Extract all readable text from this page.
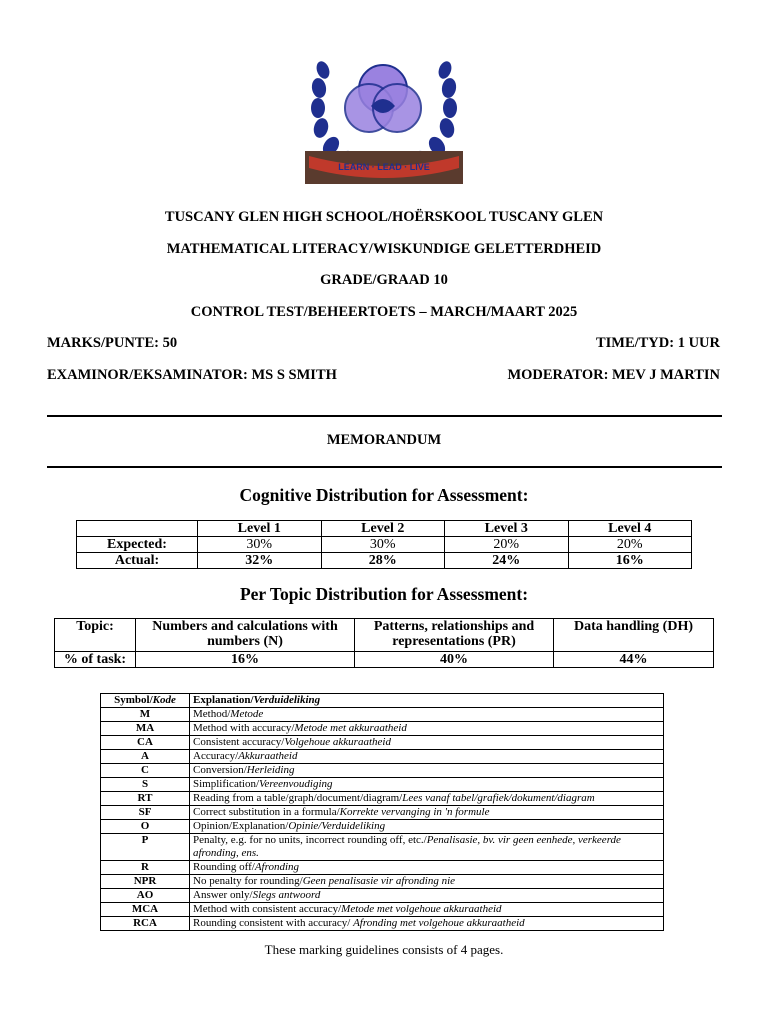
LEARN · LEAD · LIVE
TUSCANY GLEN HIGH SCHOOL/HOËRSKOOL TUSCANY GLEN
MATHEMATICAL LITERACY/WISKUNDIGE GELETTERDHEID
GRADE/GRAAD 10
CONTROL TEST/BEHEERTOETS – MARCH/MAART 2025
MARKS/PUNTE: 50	TIME/TYD: 1 UUR
EXAMINOR/EKSAMINATOR: MS S SMITH	MODERATOR: MEV J MARTIN
MEMORANDUM
Cognitive Distribution for Assessment:
	Level 1	Level 2	Level 3	Level 4
Expected:	30%	30%	20%	20%
Actual:	32%	28%	24%	16%
Per Topic Distribution for Assessment:
Topic:	Numbers and calculations with numbers (N)	Patterns, relationships and representations (PR)	Data handling (DH)
% of task:	16%	40%	44%
Symbol/Kode	Explanation/Verduideliking
M	Method/Metode
MA	Method with accuracy/Metode met akkuraatheid
CA	Consistent accuracy/Volgehoue akkuraatheid
A	Accuracy/Akkuraatheid
C	Conversion/Herleiding
S	Simplification/Vereenvoudiging
RT	Reading from a table/graph/document/diagram/Lees vanaf tabel/grafiek/dokument/diagram
SF	Correct substitution in a formula/Korrekte vervanging in 'n formule
O	Opinion/Explanation/Opinie/Verduideliking
P	Penalty, e.g. for no units, incorrect rounding off, etc./Penalisasie, bv. vir geen eenhede, verkeerde afronding, ens.
R	Rounding off/Afronding
NPR	No penalty for rounding/Geen penalisasie vir afronding nie
AO	Answer only/Slegs antwoord
MCA	Method with consistent accuracy/Metode met volgehoue akkuraatheid
RCA	Rounding consistent with accuracy/ Afronding met volgehoue akkuraatheid
These marking guidelines consists of 4 pages.
